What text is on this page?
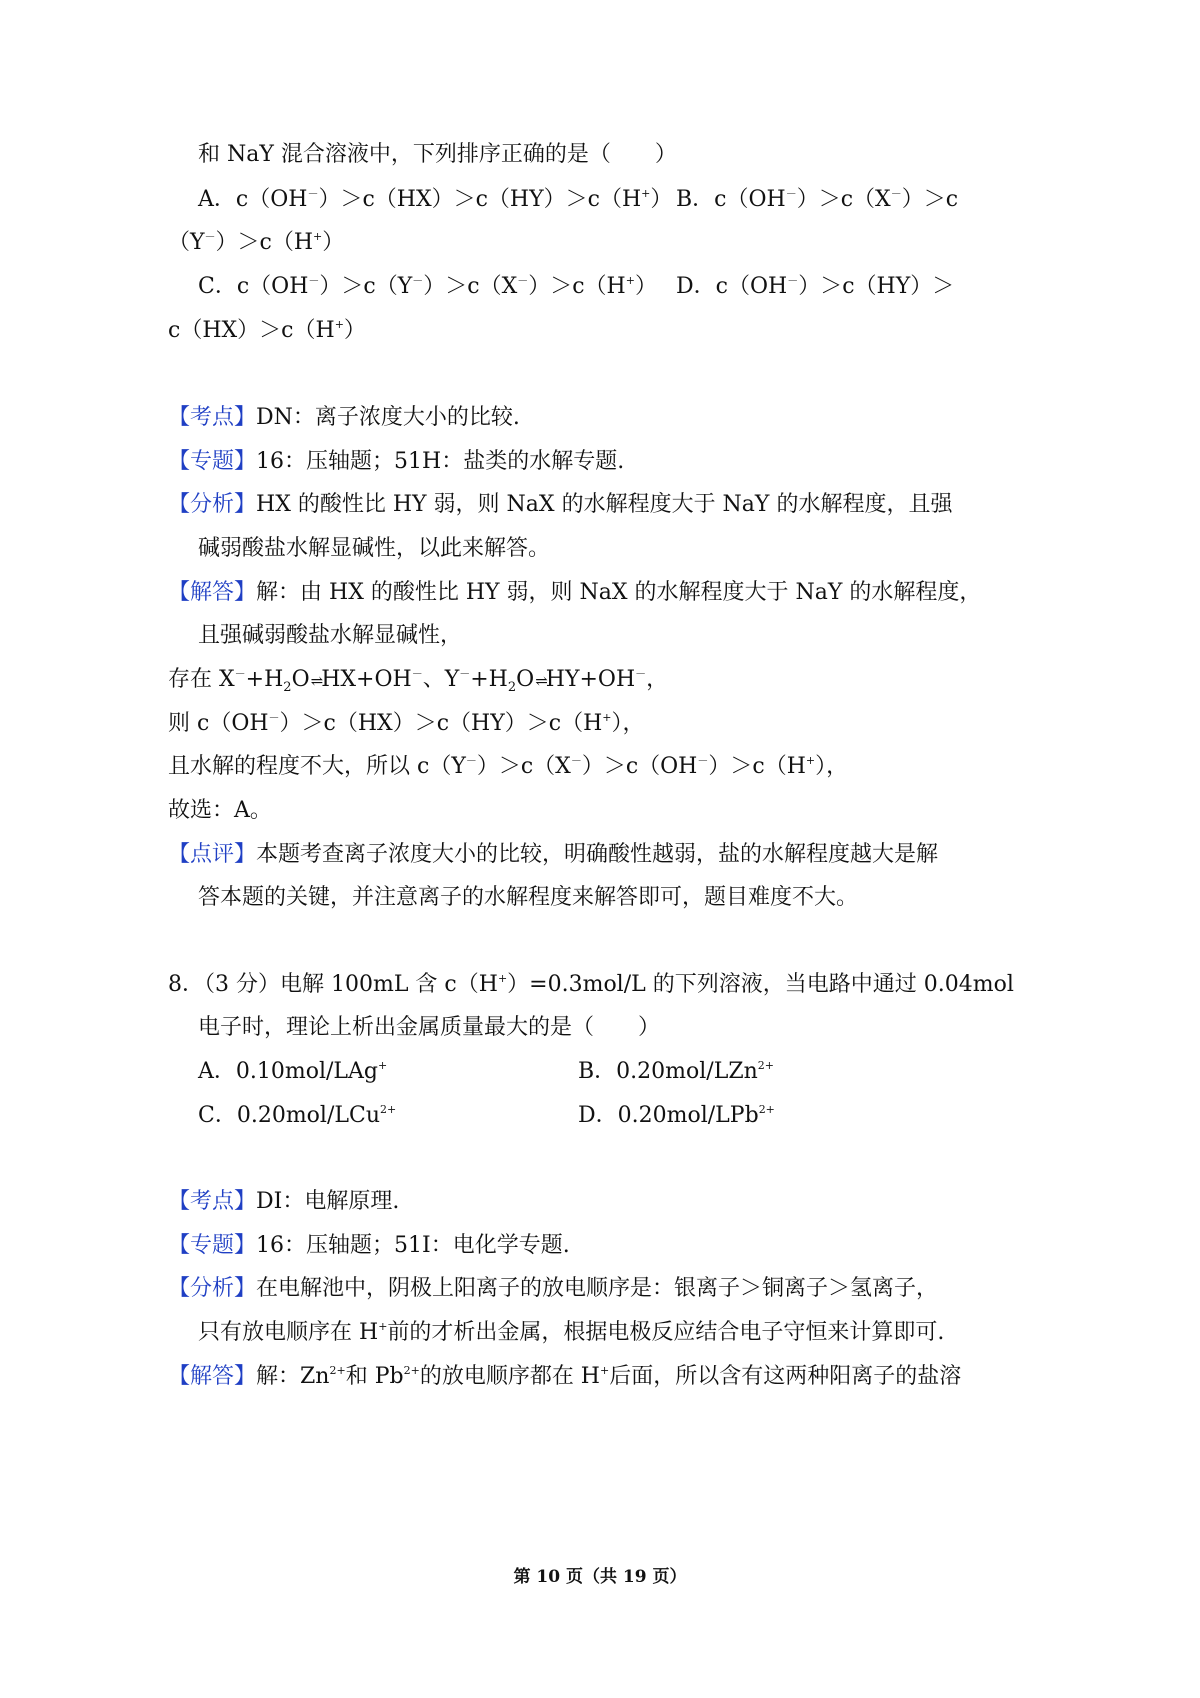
和 NaY 混合溶液中，下列排序正确的是（　　）
A．c（OH－）＞c（HX）＞c（HY）＞c（H+） B．c（OH－）＞c（X－）＞c
（Y－）＞c（H+）
C．c（OH－）＞c（Y－）＞c（X－）＞c（H+） D．c（OH－）＞c（HY）＞
c（HX）＞c（H+）
【考点】DN：离子浓度大小的比较.
【专题】16：压轴题；51H：盐类的水解专题.
【分析】HX 的酸性比 HY 弱，则 NaX 的水解程度大于 NaY 的水解程度，且强
碱弱酸盐水解显碱性，以此来解答。
【解答】解：由 HX 的酸性比 HY 弱，则 NaX 的水解程度大于 NaY 的水解程度，
且强碱弱酸盐水解显碱性，
存在 $X^-+H_2O\rightleftharpoons HX+OH^-$、$Y^-+H_2O\rightleftharpoons HY+OH^-$，
则 c（OH－）＞c（HX）＞c（HY）＞c（H+），
且水解的程度不大，所以 c（Y－）＞c（X－）＞c（OH－）＞c（H+），
故选：A。
【点评】本题考查离子浓度大小的比较，明确酸性越弱，盐的水解程度越大是解
答本题的关键，并注意离子的水解程度来解答即可，题目难度不大。
8．（3 分）电解 100mL 含 c（H+）=0.3mol/L 的下列溶液，当电路中通过 0.04mol
电子时，理论上析出金属质量最大的是（　　）
A．0.10mol/LAg+	B．0.20mol/LZn$^{2+}$
C．0.20mol/LCu$^{2+}$	D．0.20mol/LPb$^{2+}$
【考点】DI：电解原理.
【专题】16：压轴题；51I：电化学专题.
【分析】在电解池中，阴极上阳离子的放电顺序是：银离子＞铜离子＞氢离子，
只有放电顺序在 H+前的才析出金属，根据电极反应结合电子守恒来计算即可.
【解答】解：$Zn^{2+}$和 $Pb^{2+}$的放电顺序都在 H+后面，所以含有这两种阳离子的盐溶
第 10 页（共 19 页）
